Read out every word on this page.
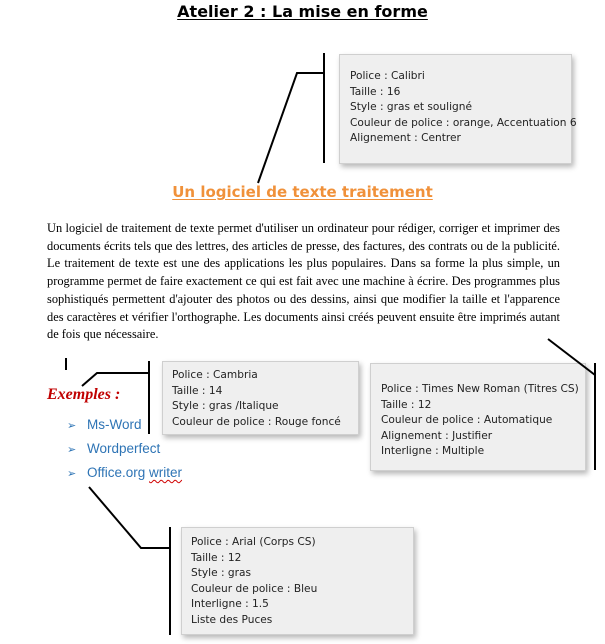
Atelier 2 : La mise en forme
Police : Calibri
Taille : 16
Style : gras et souligné
Couleur de police : orange, Accentuation 6
Alignement : Centrer
Police : Times New Roman (Titres CS)
Taille : 12
Couleur de police : Automatique
Alignement : Justifier
Interligne : Multiple
Police : Cambria
Taille : 14
Style : gras /Italique
Couleur de police : Rouge foncé
Police : Arial (Corps CS)
Taille : 12
Style : gras
Couleur de police : Bleu
Interligne : 1.5
Liste des Puces
Un logiciel de texte traitement
Un logiciel de traitement de texte permet d'utiliser un ordinateur pour rédiger, corriger et imprimer des documents écrits tels que des lettres, des articles de presse, des factures, des contrats ou de la publicité. Le traitement de texte est une des applications les plus populaires. Dans sa forme la plus simple, un programme permet de faire exactement ce qui est fait avec une machine à écrire. Des programmes plus sophistiqués permettent d'ajouter des photos ou des dessins, ainsi que modifier la taille et l'apparence des caractères et vérifier l'orthographe. Les documents ainsi créés peuvent ensuite être imprimés autant de fois que nécessaire.
Exemples :
➢ Ms-Word
➢ Wordperfect
➢ Office.org writer
